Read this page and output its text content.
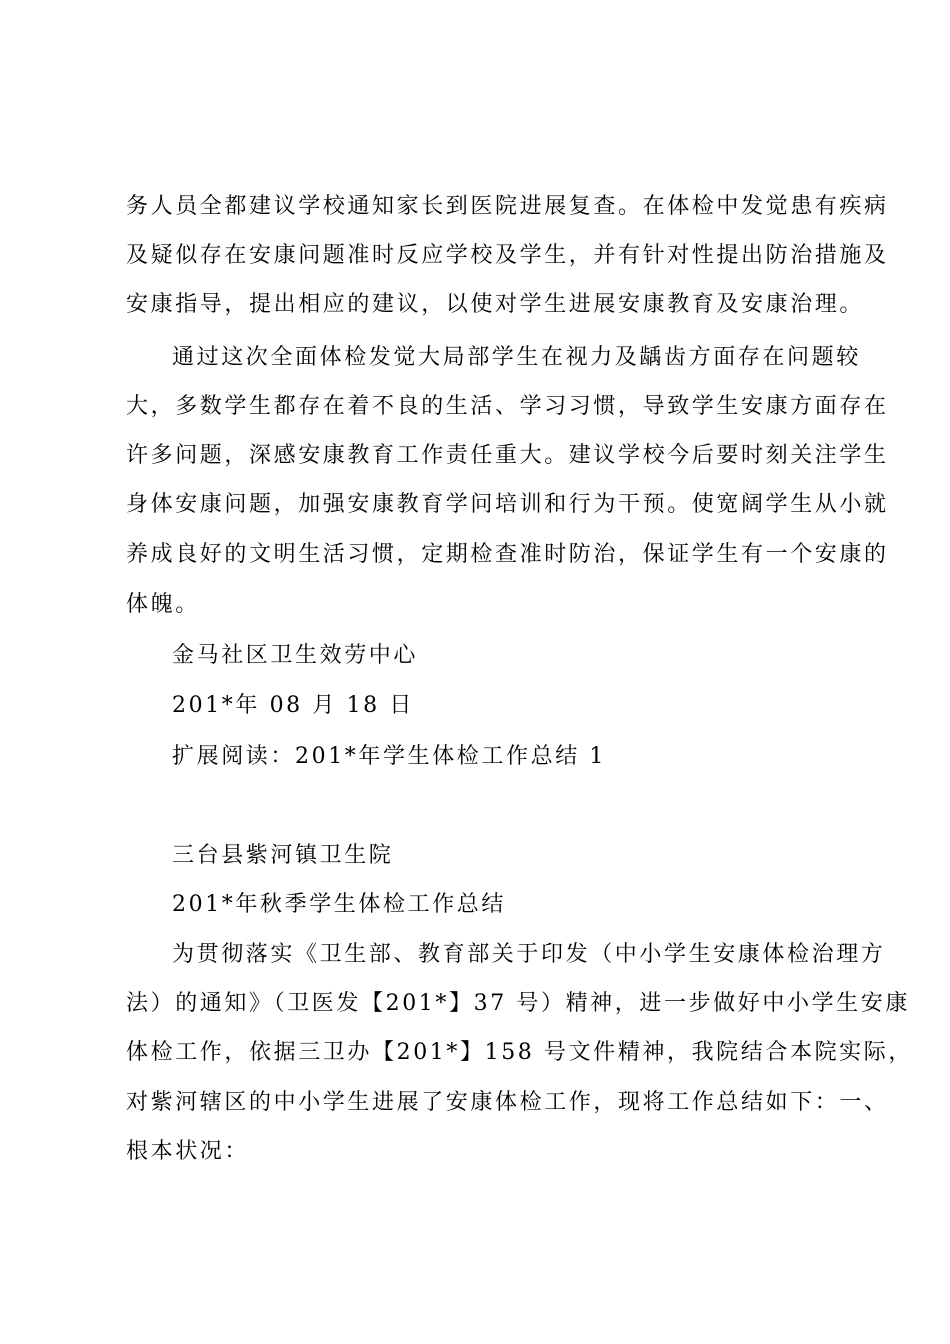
务人员全都建议学校通知家长到医院进展复查。在体检中发觉患有疾病
及疑似存在安康问题准时反应学校及学生，并有针对性提出防治措施及
安康指导，提出相应的建议，以使对学生进展安康教育及安康治理。
通过这次全面体检发觉大局部学生在视力及龋齿方面存在问题较
大，多数学生都存在着不良的生活、学习习惯，导致学生安康方面存在
许多问题，深感安康教育工作责任重大。建议学校今后要时刻关注学生
身体安康问题，加强安康教育学问培训和行为干预。使宽阔学生从小就
养成良好的文明生活习惯，定期检查准时防治，保证学生有一个安康的
体魄。
金马社区卫生效劳中心
201*年 08 月 18 日
扩展阅读：201*年学生体检工作总结 1
三台县紫河镇卫生院
201*年秋季学生体检工作总结
为贯彻落实《卫生部、教育部关于印发（中小学生安康体检治理方
法）的通知》（卫医发【201*】37 号）精神，进一步做好中小学生安康
体检工作，依据三卫办【201*】158 号文件精神，我院结合本院实际，
对紫河辖区的中小学生进展了安康体检工作，现将工作总结如下：一、
根本状况：
